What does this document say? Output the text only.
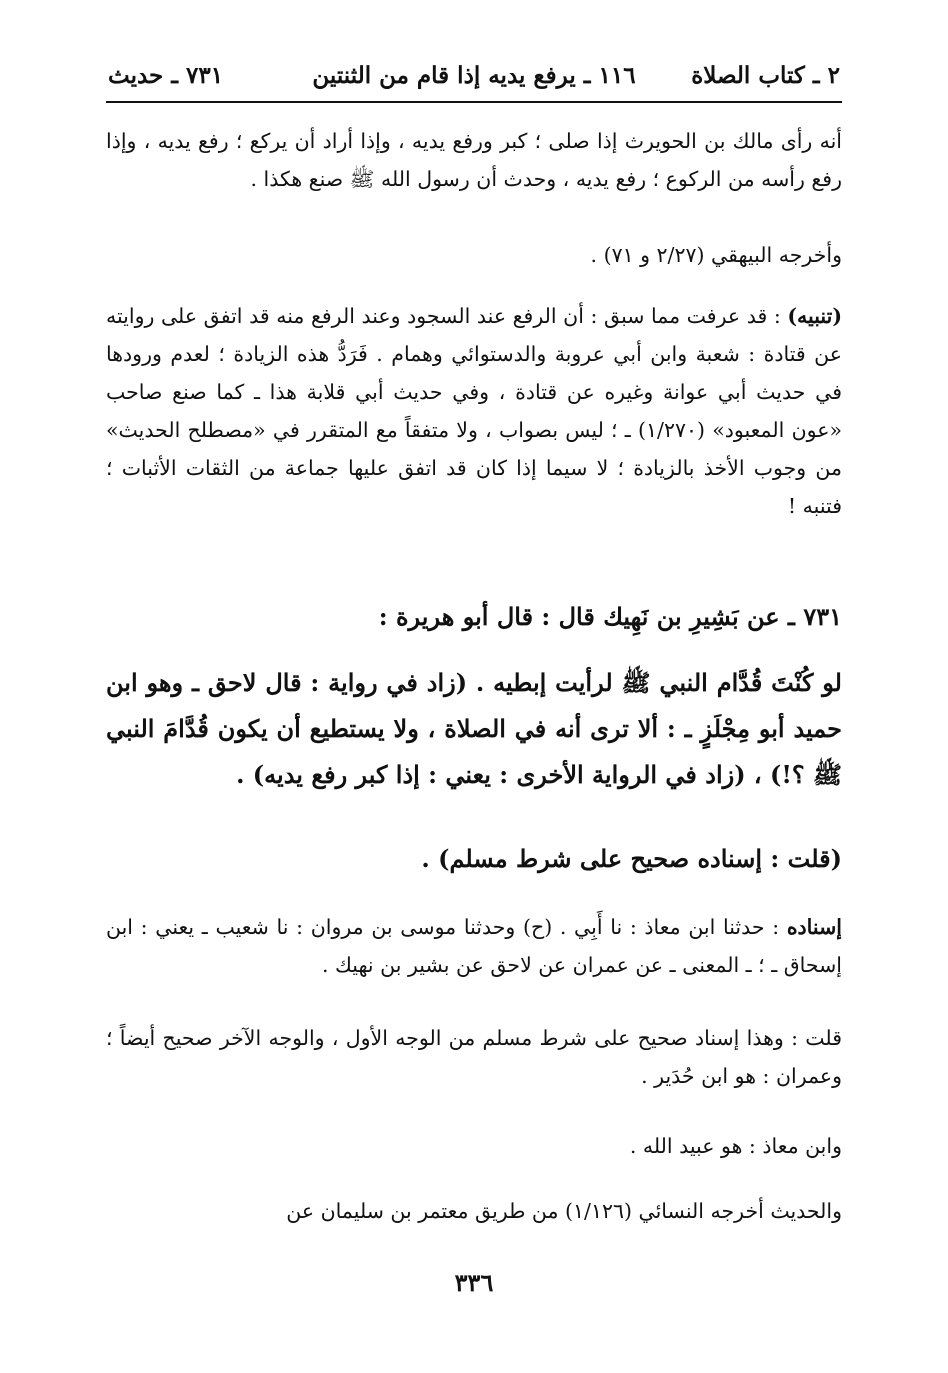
٢ ـ كتاب الصلاة
١١٦ ـ يرفع يديه إذا قام من الثنتين
٧٣١ ـ حديث
أنه رأى مالك بن الحويرث إذا صلى ؛ كبر ورفع يديه ، وإذا أراد أن يركع ؛ رفع يديه ، وإذا رفع رأسه من الركوع ؛ رفع يديه ، وحدث أن رسول الله ﷺ صنع هكذا .
وأخرجه البيهقي (٢/٢٧ و ٧١) .
(تنبيه) : قد عرفت مما سبق : أن الرفع عند السجود وعند الرفع منه قد اتفق على روايته عن قتادة : شعبة وابن أبي عروبة والدستوائي وهمام . فَرَدُّ هذه الزيادة ؛ لعدم ورودها في حديث أبي عوانة وغيره عن قتادة ، وفي حديث أبي قلابة هذا ـ كما صنع صاحب «عون المعبود» (١/٢٧٠) ـ ؛ ليس بصواب ، ولا متفقاً مع المتقرر في «مصطلح الحديث» من وجوب الأخذ بالزيادة ؛ لا سيما إذا كان قد اتفق عليها جماعة من الثقات الأثبات ؛ فتنبه !
٧٣١ ـ عن بَشِيرِ بن نَهِيك قال : قال أبو هريرة :
لو كُنْتَ قُدَّام النبي ﷺ لرأيت إبطيه . (زاد في رواية : قال لاحق ـ وهو ابن حميد أبو مِجْلَزٍ ـ : ألا ترى أنه في الصلاة ، ولا يستطيع أن يكون قُدَّامَ النبي ﷺ ؟!) ، (زاد في الرواية الأخرى : يعني : إذا كبر رفع يديه) .
(قلت : إسناده صحيح على شرط مسلم) .
إسناده : حدثنا ابن معاذ : نا أَبِي . (ح) وحدثنا موسى بن مروان : نا شعيب ـ يعني : ابن إسحاق ـ ؛ ـ المعنى ـ عن عمران عن لاحق عن بشير بن نهيك .
قلت : وهذا إسناد صحيح على شرط مسلم من الوجه الأول ، والوجه الآخر صحيح أيضاً ؛ وعمران : هو ابن حُدَير .
وابن معاذ : هو عبيد الله .
والحديث أخرجه النسائي (١/١٢٦) من طريق معتمر بن سليمان عن
٣٣٦
